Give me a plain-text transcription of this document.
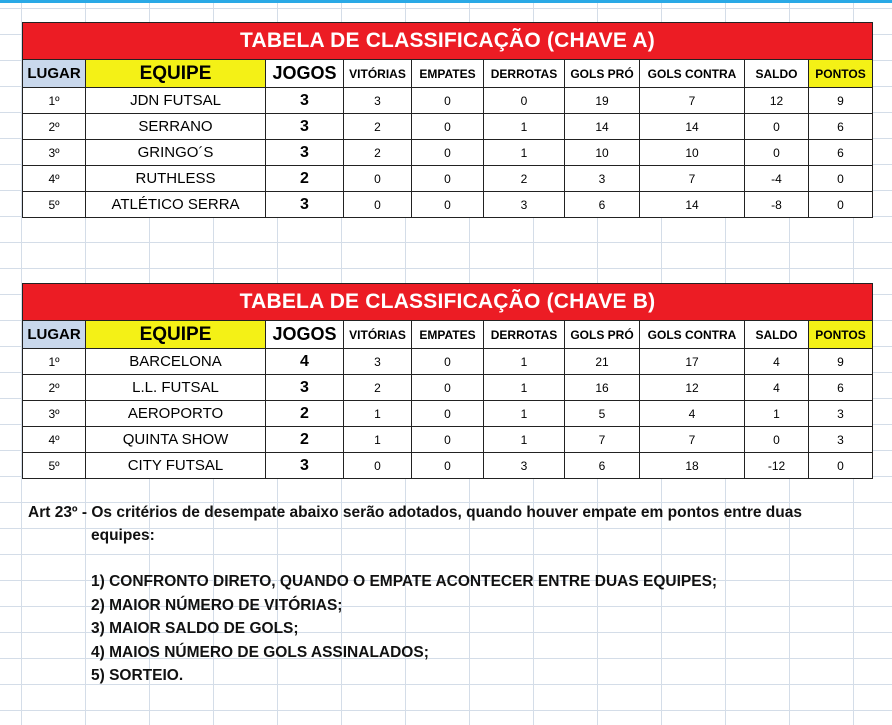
TABELA DE CLASSIFICAÇÃO (CHAVE A)									
LUGAR	EQUIPE	JOGOS	VITÓRIAS	EMPATES	DERROTAS	GOLS PRÓ	GOLS CONTRA	SALDO	PONTOS
1º	JDN FUTSAL	3	3	0	0	19	7	12	9
2º	SERRANO	3	2	0	1	14	14	0	6
3º	GRINGO´S	3	2	0	1	10	10	0	6
4º	RUTHLESS	2	0	0	2	3	7	-4	0
5º	ATLÉTICO SERRA	3	0	0	3	6	14	-8	0
TABELA DE CLASSIFICAÇÃO (CHAVE B)									
LUGAR	EQUIPE	JOGOS	VITÓRIAS	EMPATES	DERROTAS	GOLS PRÓ	GOLS CONTRA	SALDO	PONTOS
1º	BARCELONA	4	3	0	1	21	17	4	9
2º	L.L. FUTSAL	3	2	0	1	16	12	4	6
3º	AEROPORTO	2	1	0	1	5	4	1	3
4º	QUINTA SHOW	2	1	0	1	7	7	0	3
5º	CITY FUTSAL	3	0	0	3	6	18	-12	0
Art 23º - Os critérios de desempate abaixo serão adotados, quando houver empate em pontos entre duas
equipes:
1) CONFRONTO DIRETO, QUANDO O EMPATE ACONTECER ENTRE DUAS EQUIPES;
2) MAIOR NÚMERO DE VITÓRIAS;
3) MAIOR SALDO DE GOLS;
4) MAIOS NÚMERO DE GOLS ASSINALADOS;
5) SORTEIO.
